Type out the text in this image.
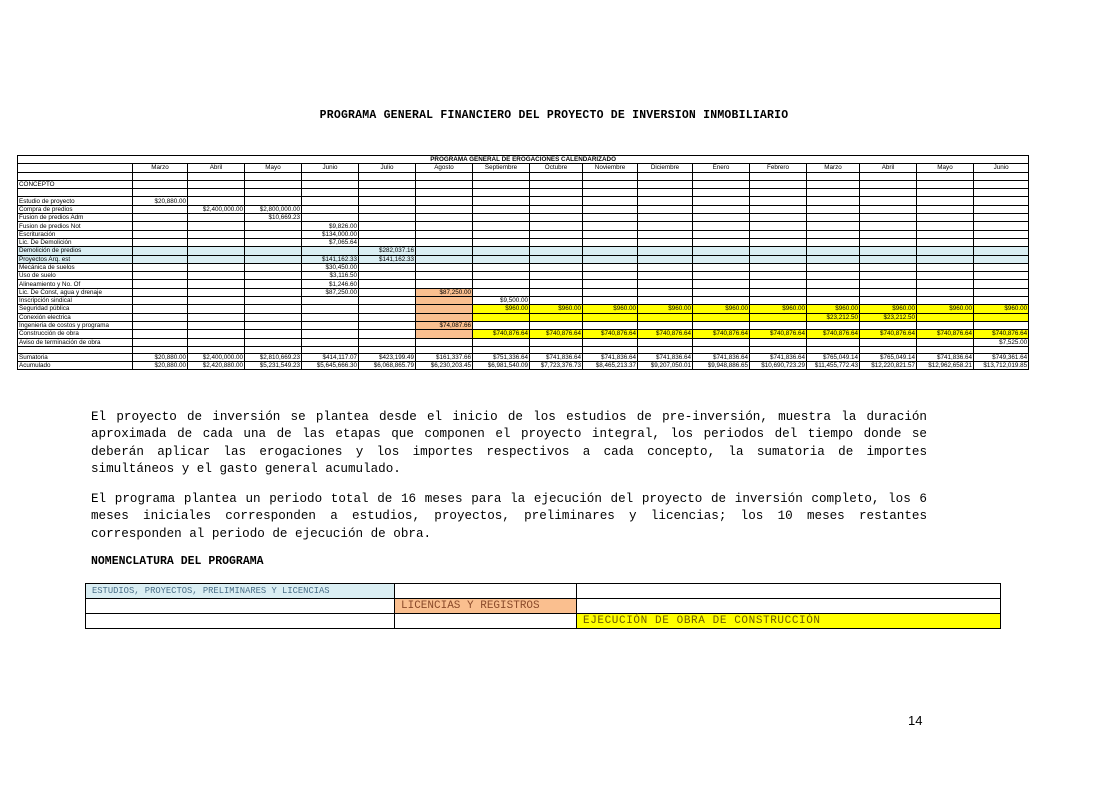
PROGRAMA GENERAL FINANCIERO DEL PROYECTO DE INVERSION INMOBILIARIO
PROGRAMA GENERAL DE EROGACIONES CALENDARIZADO																
	Marzo	Abril	Mayo	Junio	Julio	Agosto	Septiembre	Octubre	Noviembre	Diciembre	Enero	Febrero	Marzo	Abril	Mayo	Junio

CONCEPTO																

Estudio de proyecto	$20,880.00															
Compra de predios		$2,400,000.00	$2,800,000.00													
Fusion de predios Adm			$10,669.23													
Fusion de predios Not				$9,826.00												
Escrituración				$134,000.00												
Lic. De Demolición				$7,065.64												
Demolición de predios					$282,037.16											
Proyectos Arq. est				$141,162.33	$141,162.33											
Mecánica de suelos				$30,450.00												
Uso de suelo				$3,116.50												
Alineamiento y No. Of				$1,246.60												
Lic. De Const, agua y drenaje				$87,250.00		$87,250.00										
Inscripción sindical							$9,500.00									
Seguridad pública							$960.00	$960.00	$960.00	$960.00	$960.00	$960.00	$960.00	$960.00	$960.00	$960.00
Conexión electrica													$23,212.50	$23,212.50		
Ingenieria de costos y programa						$74,087.66										
Construcción de obra							$740,876.64	$740,876.64	$740,876.64	$740,876.64	$740,876.64	$740,876.64	$740,876.64	$740,876.64	$740,876.64	$740,876.64
Aviso de terminación de obra																$7,525.00

Sumatoria	$20,880.00	$2,400,000.00	$2,810,669.23	$414,117.07	$423,199.49	$161,337.66	$751,336.64	$741,836.64	$741,836.64	$741,836.64	$741,836.64	$741,836.64	$765,049.14	$765,049.14	$741,836.64	$749,361.64
Acumulado	$20,880.00	$2,420,880.00	$5,231,549.23	$5,645,666.30	$6,068,865.79	$6,230,203.45	$6,981,540.09	$7,723,376.73	$8,465,213.37	$9,207,050.01	$9,948,886.65	$10,690,723.29	$11,455,772.43	$12,220,821.57	$12,962,658.21	$13,712,019.85

El proyecto de inversión se plantea desde el inicio de los estudios de pre-inversión, muestra la duración aproximada de cada una de las etapas que componen el proyecto integral, los periodos del tiempo donde se deberán aplicar las erogaciones y los importes respectivos a cada concepto, la sumatoria de importes simultáneos y el gasto general acumulado.

El programa plantea un periodo total de 16 meses para la ejecución del proyecto de inversión completo, los 6 meses iniciales corresponden a estudios, proyectos, preliminares y licencias; los 10 meses restantes corresponden al periodo de ejecución de obra.

NOMENCLATURA DEL PROGRAMA
ESTUDIOS, PROYECTOS, PRELIMINARES Y LICENCIAS		
	LICENCIAS Y REGISTROS	
		EJECUCIÓN DE OBRA DE CONSTRUCCIÓN
14
